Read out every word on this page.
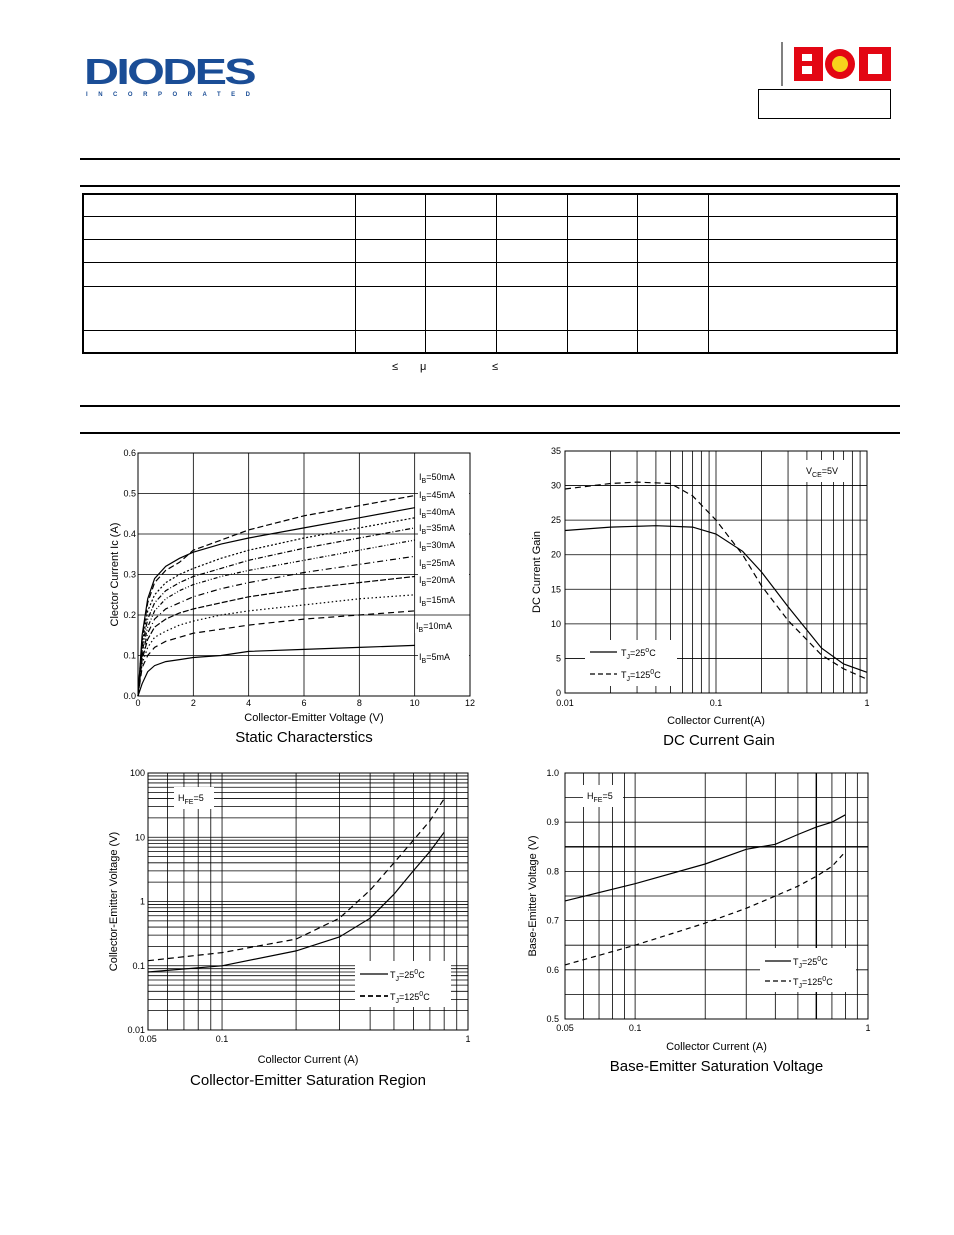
DIODES
INCORPORATED

≤ μ	≤
0	2	4	6	8	10	12
0.0
0.1
0.2
0.3
0.4
0.5
0.6
$I_B=50mA$
$I_B=45mA$
$I_B=40mA$
$I_B=35mA$
$I_B=30mA$
$I_B=25mA$
$I_B=20mA$
$I_B=15mA$
$I_B=10mA$
$I_B=5mA$
Collector-Emitter Voltage (V)
Clector Current Ic (A)
Static Characterstics
0.01	0.1	1
0
5
10
15
20
25
30
35
$V_{CE}=5V$
$T_J=25^oC$
$T_J=125^0C$
Collector Current(A)
DC Current Gain
DC Current Gain
0.05	0.1	1
0.01
0.1
1
10
100
$H_{FE}=5$
$T_J=25^0C$
$T_J=125^0C$
Collector Current (A)
Collector-Emitter Voltage (V)
Collector-Emitter Saturation Region
0.05	0.1	1
0.5
0.6
0.7
0.8
0.9
1.0
$H_{FE}=5$
$T_J=25^0C$
$T_J=125^0C$
Collector Current (A)
Base-Emitter Voltage (V)
Base-Emitter Saturation Voltage
